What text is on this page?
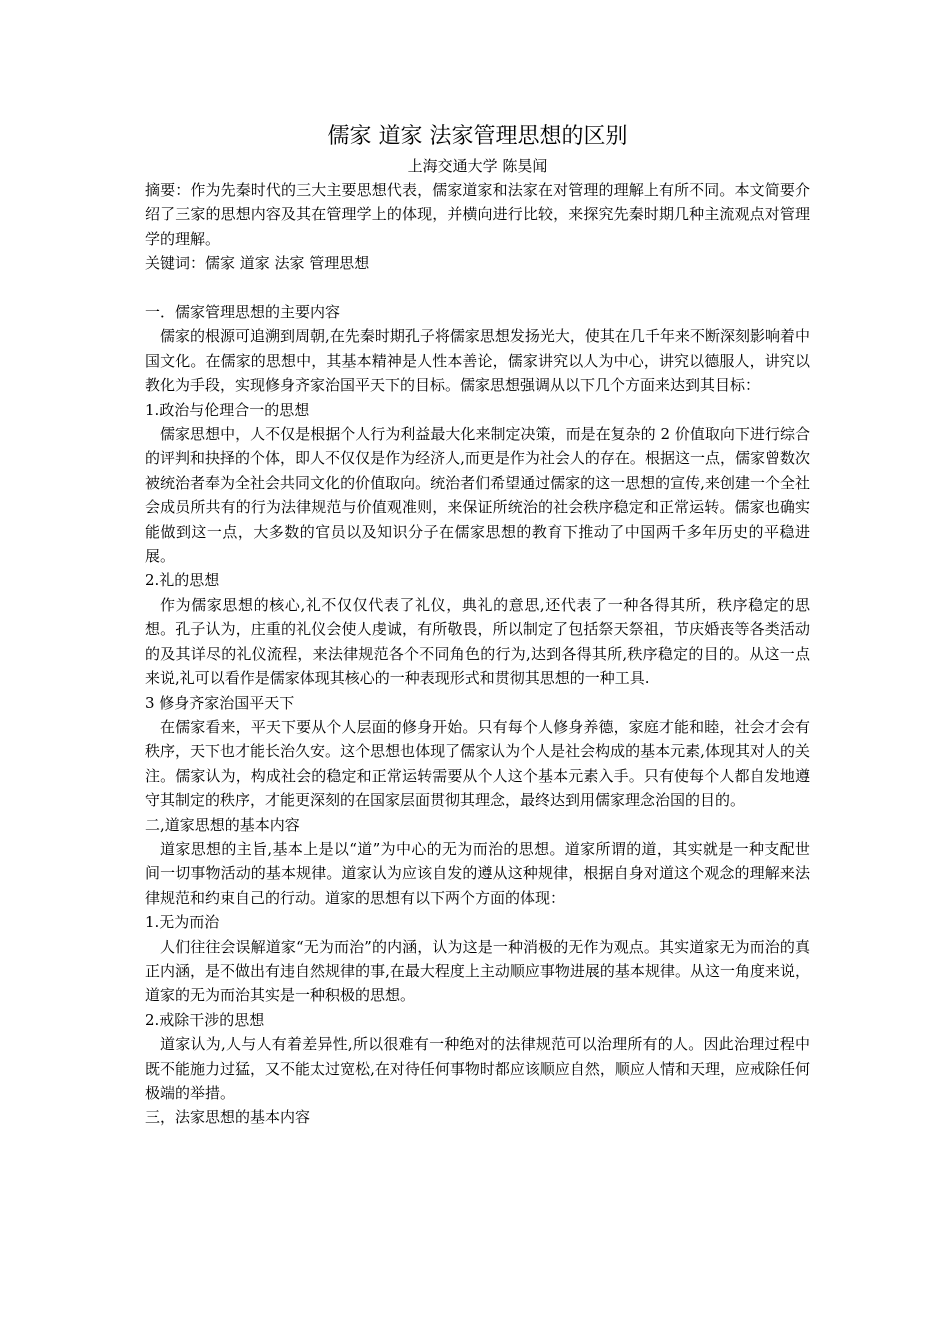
儒家 道家 法家管理思想的区别

上海交通大学 陈昊闻

摘要：作为先秦时代的三大主要思想代表，儒家道家和法家在对管理的理解上有所不同。本文简要介绍了三家的思想内容及其在管理学上的体现，并横向进行比较，来探究先秦时期几种主流观点对管理学的理解。

关键词：儒家 道家 法家 管理思想

一．儒家管理思想的主要内容

儒家的根源可追溯到周朝,在先秦时期孔子将儒家思想发扬光大，使其在几千年来不断深刻影响着中国文化。在儒家的思想中，其基本精神是人性本善论，儒家讲究以人为中心，讲究以德服人，讲究以教化为手段，实现修身齐家治国平天下的目标。儒家思想强调从以下几个方面来达到其目标：

1.政治与伦理合一的思想

儒家思想中，人不仅是根据个人行为利益最大化来制定决策，而是在复杂的 2 价值取向下进行综合的评判和抉择的个体，即人不仅仅是作为经济人,而更是作为社会人的存在。根据这一点，儒家曾数次被统治者奉为全社会共同文化的价值取向。统治者们希望通过儒家的这一思想的宣传,来创建一个全社会成员所共有的行为法律规范与价值观准则，来保证所统治的社会秩序稳定和正常运转。儒家也确实能做到这一点，大多数的官员以及知识分子在儒家思想的教育下推动了中国两千多年历史的平稳进展。

2.礼的思想

作为儒家思想的核心,礼不仅仅代表了礼仪，典礼的意思,还代表了一种各得其所，秩序稳定的思想。孔子认为，庄重的礼仪会使人虔诚，有所敬畏，所以制定了包括祭天祭祖，节庆婚丧等各类活动的及其详尽的礼仪流程，来法律规范各个不同角色的行为,达到各得其所,秩序稳定的目的。从这一点来说,礼可以看作是儒家体现其核心的一种表现形式和贯彻其思想的一种工具.

3 修身齐家治国平天下

在儒家看来，平天下要从个人层面的修身开始。只有每个人修身养德，家庭才能和睦，社会才会有秩序，天下也才能长治久安。这个思想也体现了儒家认为个人是社会构成的基本元素,体现其对人的关注。儒家认为，构成社会的稳定和正常运转需要从个人这个基本元素入手。只有使每个人都自发地遵守其制定的秩序，才能更深刻的在国家层面贯彻其理念，最终达到用儒家理念治国的目的。

二,道家思想的基本内容

道家思想的主旨,基本上是以“道”为中心的无为而治的思想。道家所谓的道，其实就是一种支配世间一切事物活动的基本规律。道家认为应该自发的遵从这种规律，根据自身对道这个观念的理解来法律规范和约束自己的行动。道家的思想有以下两个方面的体现：

1.无为而治

人们往往会误解道家“无为而治”的内涵，认为这是一种消极的无作为观点。其实道家无为而治的真正内涵，是不做出有违自然规律的事,在最大程度上主动顺应事物进展的基本规律。从这一角度来说，道家的无为而治其实是一种积极的思想。

2.戒除干涉的思想

道家认为,人与人有着差异性,所以很难有一种绝对的法律规范可以治理所有的人。因此治理过程中既不能施力过猛，又不能太过宽松,在对待任何事物时都应该顺应自然，顺应人情和天理，应戒除任何极端的举措。

三，法家思想的基本内容
